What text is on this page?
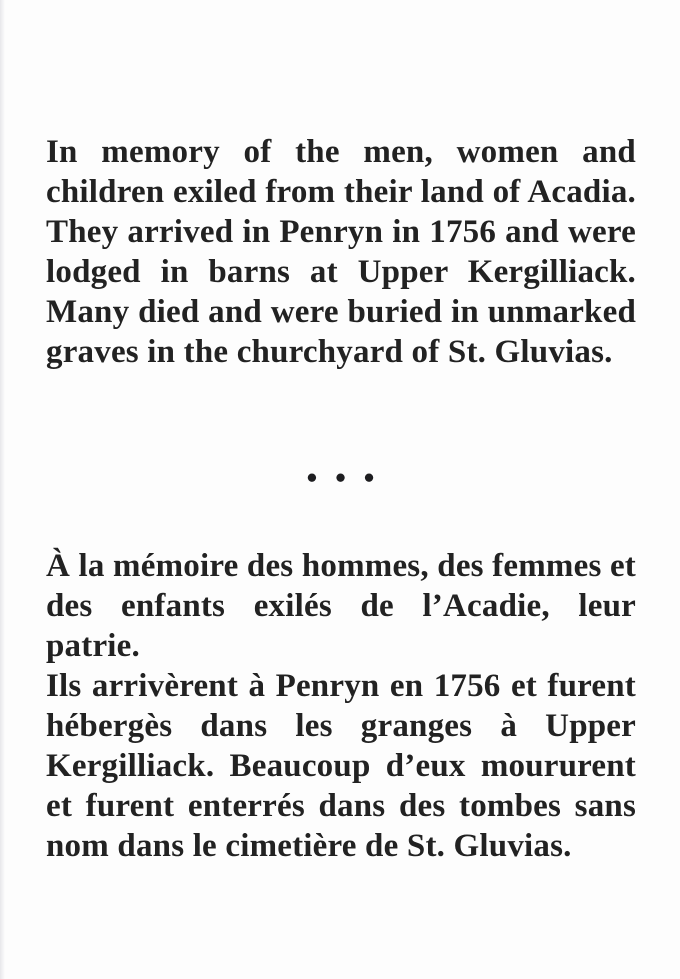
In memory of the men, women and
children exiled from their land of Acadia.
They arrived in Penryn in 1756 and were
lodged in barns at Upper Kergilliack.
Many died and were buried in unmarked
graves in the churchyard of St. Gluvias.
• • •
À la mémoire des hommes, des femmes et
des enfants exilés de l’Acadie, leur patrie.
Ils arrivèrent à Penryn en 1756 et furent
hébergès dans les granges à Upper
Kergilliack. Beaucoup d’eux moururent
et furent enterrés dans des tombes sans
nom dans le cimetière de St. Gluvias.
